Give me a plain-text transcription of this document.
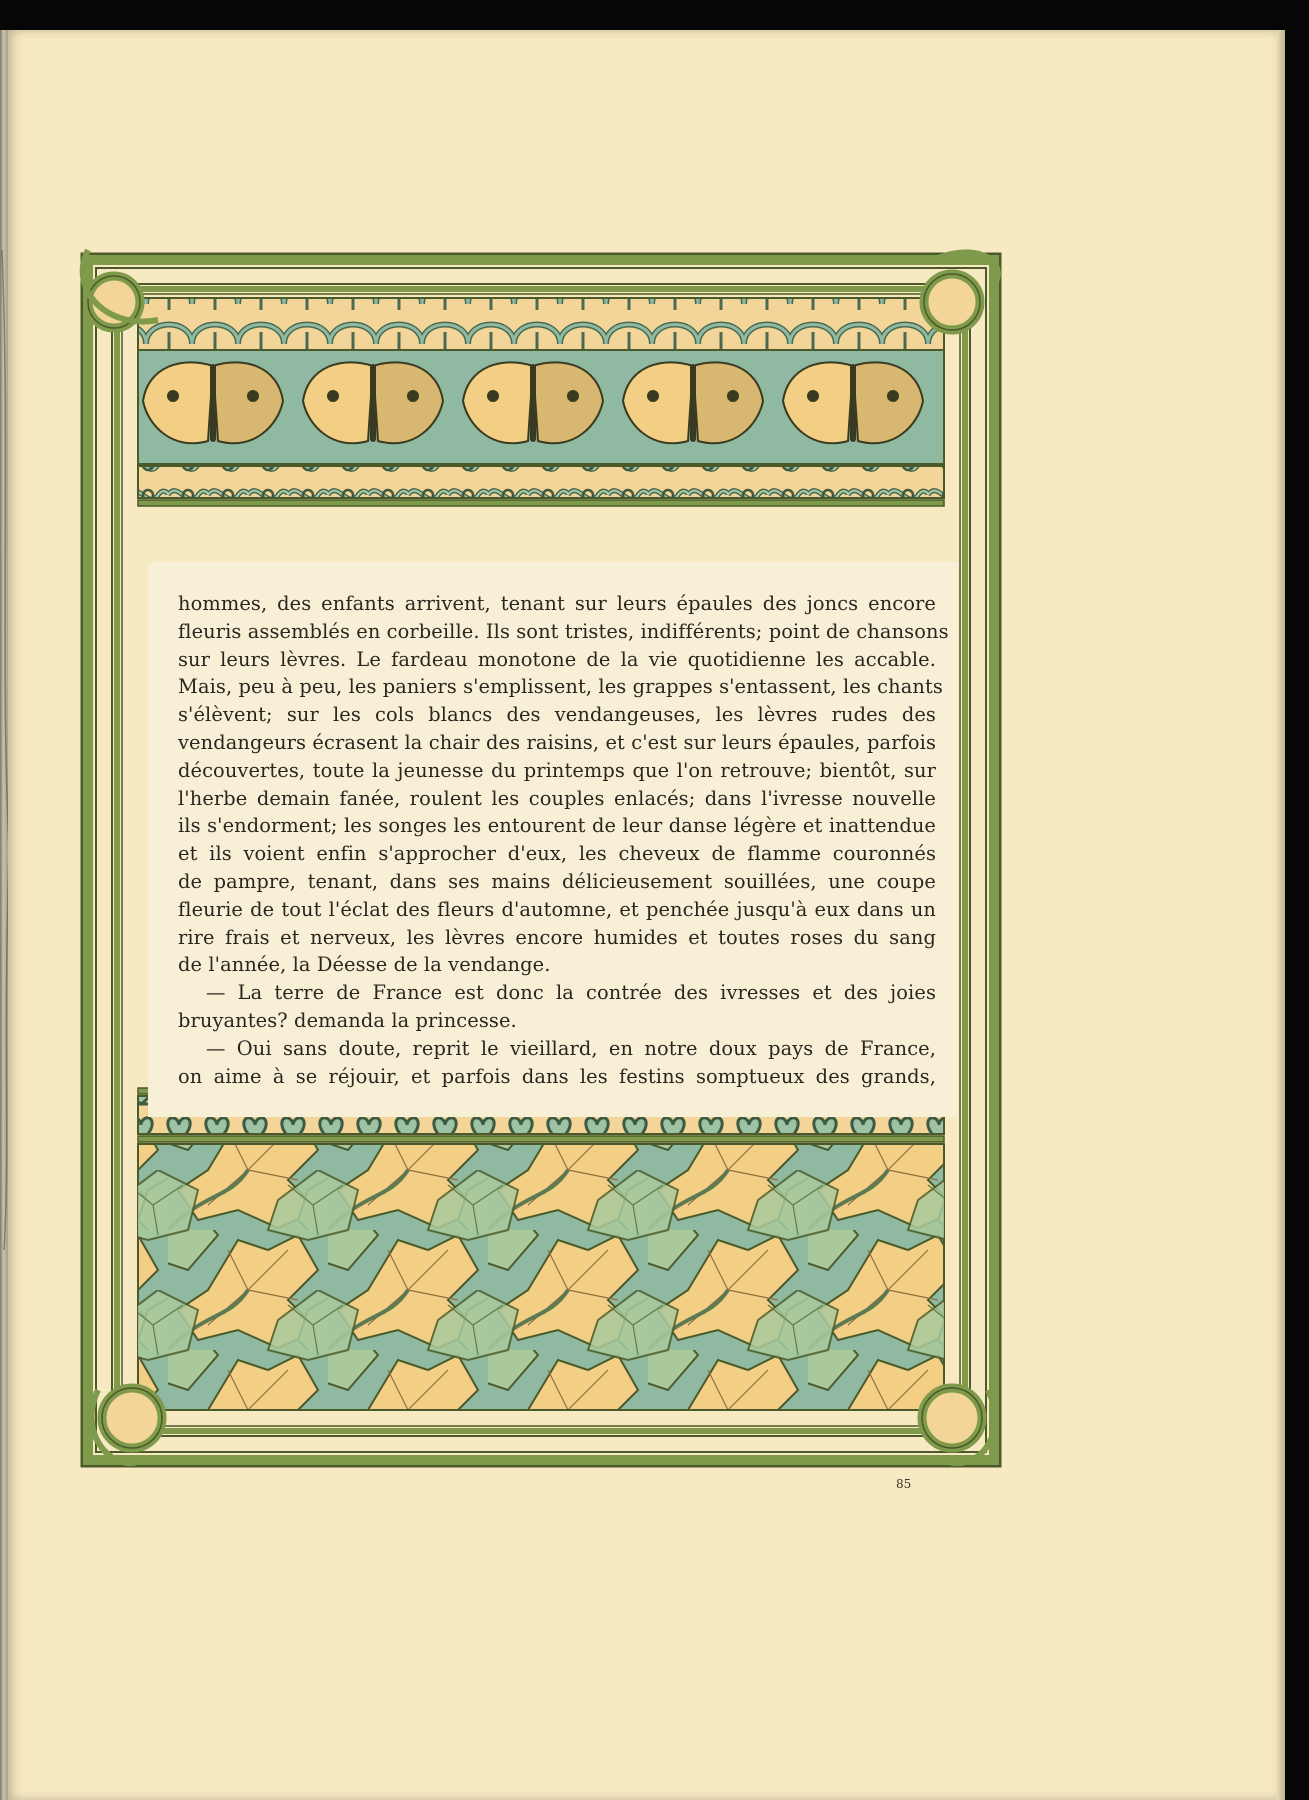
hommes, des enfants arrivent, tenant sur leurs épaules des joncs encore

fleuris assemblés en corbeille. Ils sont tristes, indifférents; point de chansons

sur leurs lèvres. Le fardeau monotone de la vie quotidienne les accable.

Mais, peu à peu, les paniers s'emplissent, les grappes s'entassent, les chants

s'élèvent; sur les cols blancs des vendangeuses, les lèvres rudes des

vendangeurs écrasent la chair des raisins, et c'est sur leurs épaules, parfois

découvertes, toute la jeunesse du printemps que l'on retrouve; bientôt, sur

l'herbe demain fanée, roulent les couples enlacés; dans l'ivresse nouvelle

ils s'endorment; les songes les entourent de leur danse légère et inattendue

et ils voient enfin s'approcher d'eux, les cheveux de flamme couronnés

de pampre, tenant, dans ses mains délicieusement souillées, une coupe

fleurie de tout l'éclat des fleurs d'automne, et penchée jusqu'à eux dans un

rire frais et nerveux, les lèvres encore humides et toutes roses du sang

de l'année, la Déesse de la vendange.

— La terre de France est donc la contrée des ivresses et des joies

bruyantes? demanda la princesse.

— Oui sans doute, reprit le vieillard, en notre doux pays de France,

on aime à se réjouir, et parfois dans les festins somptueux des grands,

85
